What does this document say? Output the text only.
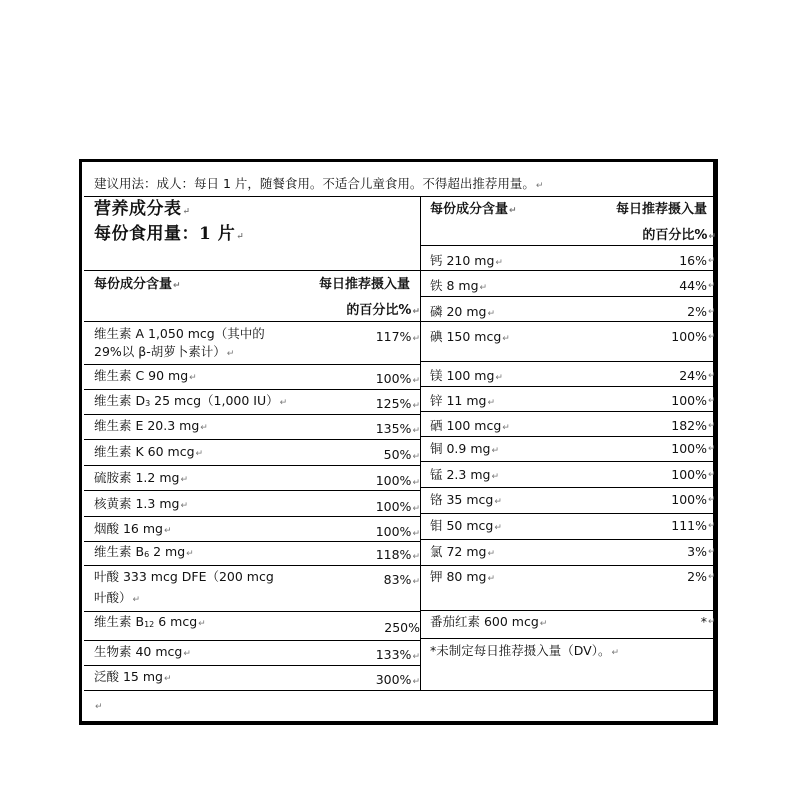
建议用法：成人：每日 1 片，随餐食用。不适合儿童食用。不得超出推荐用量。↵
营养成分表↵
每份食用量：1 片↵
每份成分含量↵	每日推荐摄入量
的百分比%↵
每份成分含量↵	每日推荐摄入量
的百分比%↵
维生素 A 1,050 mcg（其中的
29%以 β-胡萝卜素计）↵
117%↵
维生素 C 90 mg↵	100%↵
维生素 $D_3$ 25 mcg（1,000 IU）↵	125%↵
维生素 E 20.3 mg↵	135%↵
维生素 K 60 mcg↵	50%↵
硫胺素 1.2 mg↵	100%↵
核黄素 1.3 mg↵	100%↵
烟酸 16 mg↵	100%↵
维生素 $B_6$ 2 mg↵	118%↵
叶酸 333 mcg DFE（200 mcg
叶酸）↵
83%↵
维生素 $B_{12}$ 6 mcg↵	250%
生物素 40 mcg↵	133%↵
泛酸 15 mg↵	300%↵
钙 210 mg↵	16% ↵
铁 8 mg↵	44% ↵
磷 20 mg↵	2% ↵
碘 150 mcg↵	100% ↵
镁 100 mg↵	24% ↵
锌 11 mg↵	100% ↵
硒 100 mcg↵	182% ↵
铜 0.9 mg↵	100% ↵
锰 2.3 mg↵	100% ↵
铬 35 mcg↵	100% ↵
钼 50 mcg↵	111% ↵
氯 72 mg↵	3% ↵
钾 80 mg↵	2% ↵
番茄红素 600 mcg↵	* ↵
*未制定每日推荐摄入量（DV）。↵
↵
